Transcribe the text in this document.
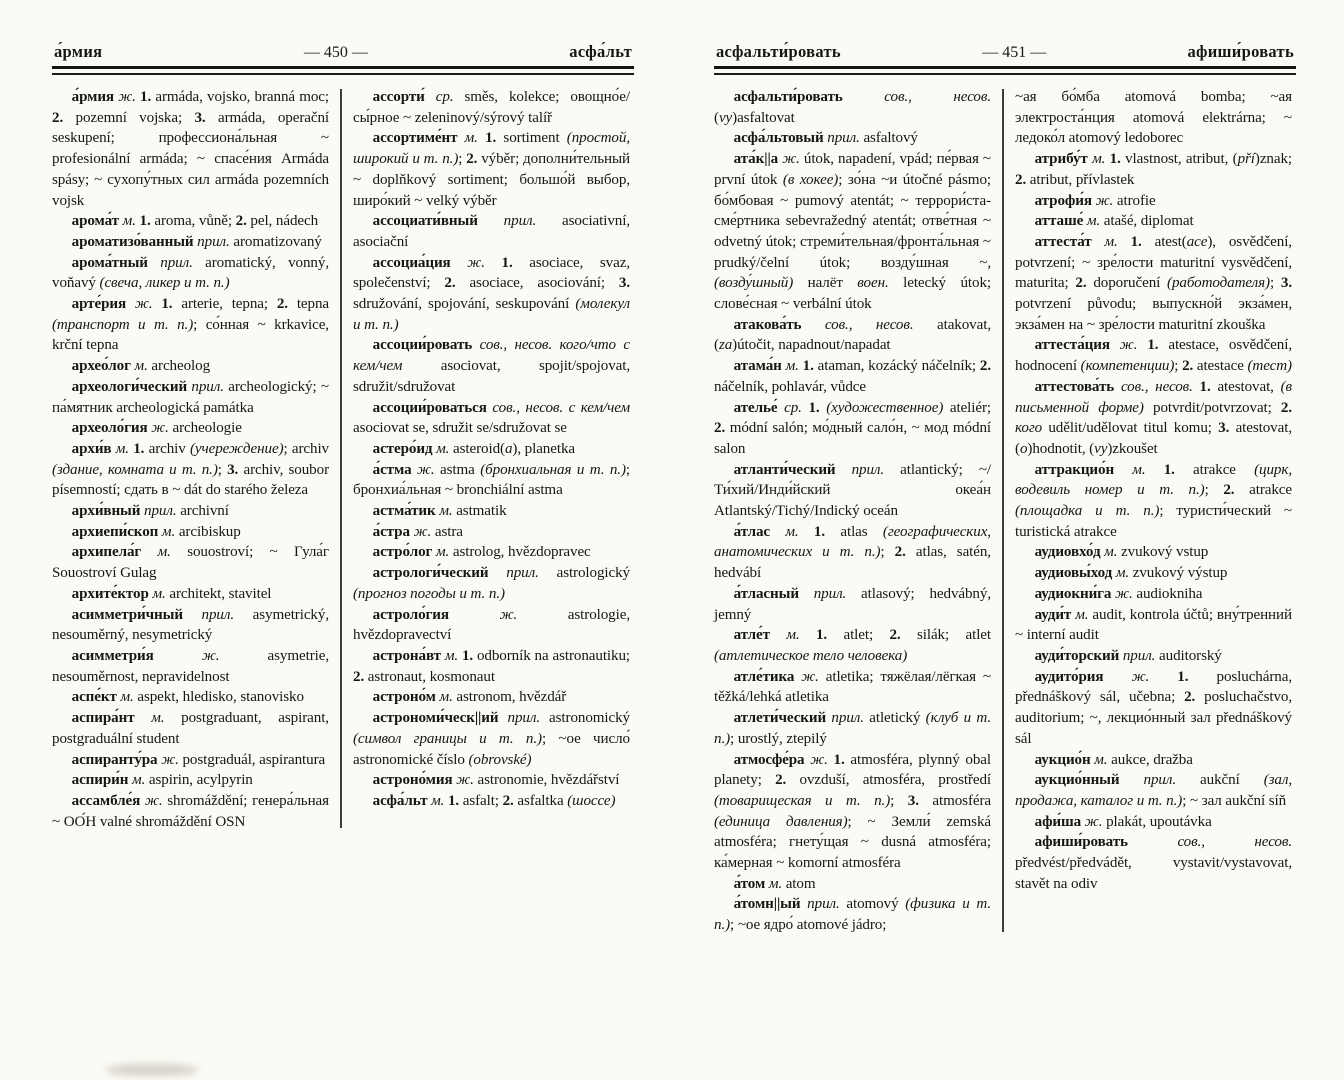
а́рмия	— 450 —	асфа́льт

а́рмия ж. 1. armáda, vojsko, branná moc; 2. pozemní vojska; 3. armáda, operační seskupení; профессиона́льная ~ profesionální armáda; ~ спасе́ния Armáda spásy; ~ сухопу́тных сил armáda pozemních vojsk

арома́т м. 1. aroma, vůně; 2. pel, nádech

ароматизо́ванный прил. aromatizovaný

арома́тный прил. aromatický, vonný, voňavý (свеча, ликер и т. п.)

арте́рия ж. 1. arterie, tepna; 2. tepna (транспорт и т. п.); со́нная ~ krkavice, krční tepna

архео́лог м. archeolog

археологи́ческий прил. archeologický; ~ па́мятник archeologická památka

археоло́гия ж. archeologie

архи́в м. 1. archiv (учереждение); archiv (здание, комната и т. п.); 3. archiv, soubor písemností; сдать в ~ dát do starého železa

архи́вный прил. archivní

архиепи́скоп м. arcibiskup

архипела́г м. souostroví; ~ Гула́г Souostroví Gulag

архите́ктор м. architekt, stavitel

асимметри́чный прил. asymetrický, nesouměrný, nesymetrický

асимметри́я ж. asymetrie, nesouměrnost, nepravidelnost

аспе́кт м. aspekt, hledisko, stanovisko

аспира́нт м. postgraduant, aspirant, postgraduální student

аспиранту́ра ж. postgraduál, aspirantura

аспири́н м. aspirin, acylpyrin

ассамбле́я ж. shromáždění; генера́льная ~ ОО́Н valné shromáždění OSN

ассорти́ ср. směs, kolekce; овощно́е/сы́рное ~ zeleninový/sýrový talíř

ассортиме́нт м. 1. sortiment (простой, широкий и т. п.); 2. výběr; дополни́тельный ~ doplňkový sortiment; большо́й выбор, широ́кий ~ velký výběr

ассоциати́вный прил. asociativní, asociační

ассоциа́ция ж. 1. asociace, svaz, společenství; 2. asociace, asociování; 3. sdružování, spojování, seskupování (молекул и т. п.)

ассоции́ровать сов., несов. кого/что с кем/чем asociovat, spojit/spojovat, sdružit/sdružovat

ассоции́роваться сов., несов. с кем/чем asociovat se, sdružit se/sdružovat se

астеро́ид м. asteroid(a), planetka

а́стма ж. astma (бронхиальная и т. п.); бронхиа́льная ~ bronchiální astma

астма́тик м. astmatik

а́стра ж. astra

астро́лог м. astrolog, hvězdopravec

астрологи́ческий прил. astrologický (прогноз погоды и т. п.)

астроло́гия ж. astrologie, hvězdopravectví

астрона́вт м. 1. odborník na astronautiku; 2. astronaut, kosmonaut

астроно́м м. astronom, hvězdář

астрономи́ческ||ий прил. astronomický (символ границы и т. п.); ~ое число́ astronomické číslo (obrovské)

астроно́мия ж. astronomie, hvězdářství

асфа́льт м. 1. asfalt; 2. asfaltka (шоссе)

асфальти́ровать	— 451 —	афиши́ровать

асфальти́ровать сов., несов. (vy)asfaltovat

асфа́льтовый прил. asfaltový

ата́к||а ж. útok, napadení, vpád; пе́рвая ~ první útok (в хокее); зо́на ~и útočné pásmo; бо́мбовая ~ pumový atentát; ~ террори́ста-сме́ртника sebevražedný atentát; отве́тная ~ odvetný útok; стреми́тельная/фронта́льная ~ prudký/čelní útok; возду́шная ~, (возду́шный) налёт воен. letecký útok; слове́сная ~ verbální útok

атакова́ть сов., несов. atakovat, (za)útočit, napadnout/napadat

атама́н м. 1. ataman, kozácký náčelník; 2. náčelník, pohlavár, vůdce

ателье́ ср. 1. (художественное) ateliér; 2. módní salón; мо́дный сало́н, ~ мод módní salon

атланти́ческий прил. atlantický; ~/Ти́хий/Инди́йский океа́н Atlantský/Tichý/Indický oceán

а́тлас м. 1. atlas (географических, анатомических и т. п.); 2. atlas, satén, hedvábí

а́тласный прил. atlasový; hedvábný, jemný

атле́т м. 1. atlet; 2. silák; atlet (атлетическое тело человека)

атле́тика ж. atletika; тяжёлая/лёгкая ~ těžká/lehká atletika

атлети́ческий прил. atletický (клуб и т. п.); urostlý, ztepilý

атмосфе́ра ж. 1. atmosféra, plynný obal planety; 2. ovzduší, atmosféra, prostředí (товарищеская и т. п.); 3. atmosféra (единица давления); ~ Земли́ zemská atmosféra; гнету́щая ~ dusná atmosféra; ка́мерная ~ komorní atmosféra

а́том м. atom

а́томн||ый прил. atomový (физика и т. п.); ~ое ядро́ atomové jádro;

~ая бо́мба atomová bomba; ~ая электроста́нция atomová elektrárna; ~ ледоко́л atomový ledoborec

атрибу́т м. 1. vlastnost, atribut, (pří)znak; 2. atribut, přívlastek

атрофи́я ж. atrofie

атташе́ м. atašé, diplomat

аттеста́т м. 1. atest(ace), osvědčení, potvrzení; ~ зре́лости maturitní vysvědčení, maturita; 2. doporučení (работодателя); 3. potvrzení původu; выпускно́й экза́мен, экза́мен на ~ зре́лости maturitní zkouška

аттеста́ция ж. 1. atestace, osvědčení, hodnocení (компетенции); 2. atestace (тест)

аттестова́ть сов., несов. 1. atestovat, (в письменной форме) potvrdit/potvrzovat; 2. кого udělit/udělovat titul komu; 3. atestovat, (o)hodnotit, (vy)zkoušet

аттракцио́н м. 1. atrakce (цирк, водевиль номер и т. п.); 2. atrakce (площадка и т. п.); туристи́ческий ~ turistická atrakce

аудиовхо́д м. zvukový vstup

аудиовы́ход м. zvukový výstup

аудиокни́га ж. audiokniha

ауди́т м. audit, kontrola účtů; вну́тренний ~ interní audit

ауди́торский прил. auditorský

аудито́рия ж. 1. posluchárna, přednáškový sál, učebna; 2. posluchačstvo, auditorium; ~, лекцио́нный зал přednáškový sál

аукцио́н м. aukce, dražba

аукцио́нный прил. aukční (зал, продажа, каталог и т. п.); ~ зал aukční síň

афи́ша ж. plakát, upoutávka

афиши́ровать сов., несов. předvést/předvádět, vystavit/vystavovat, stavět na odiv
